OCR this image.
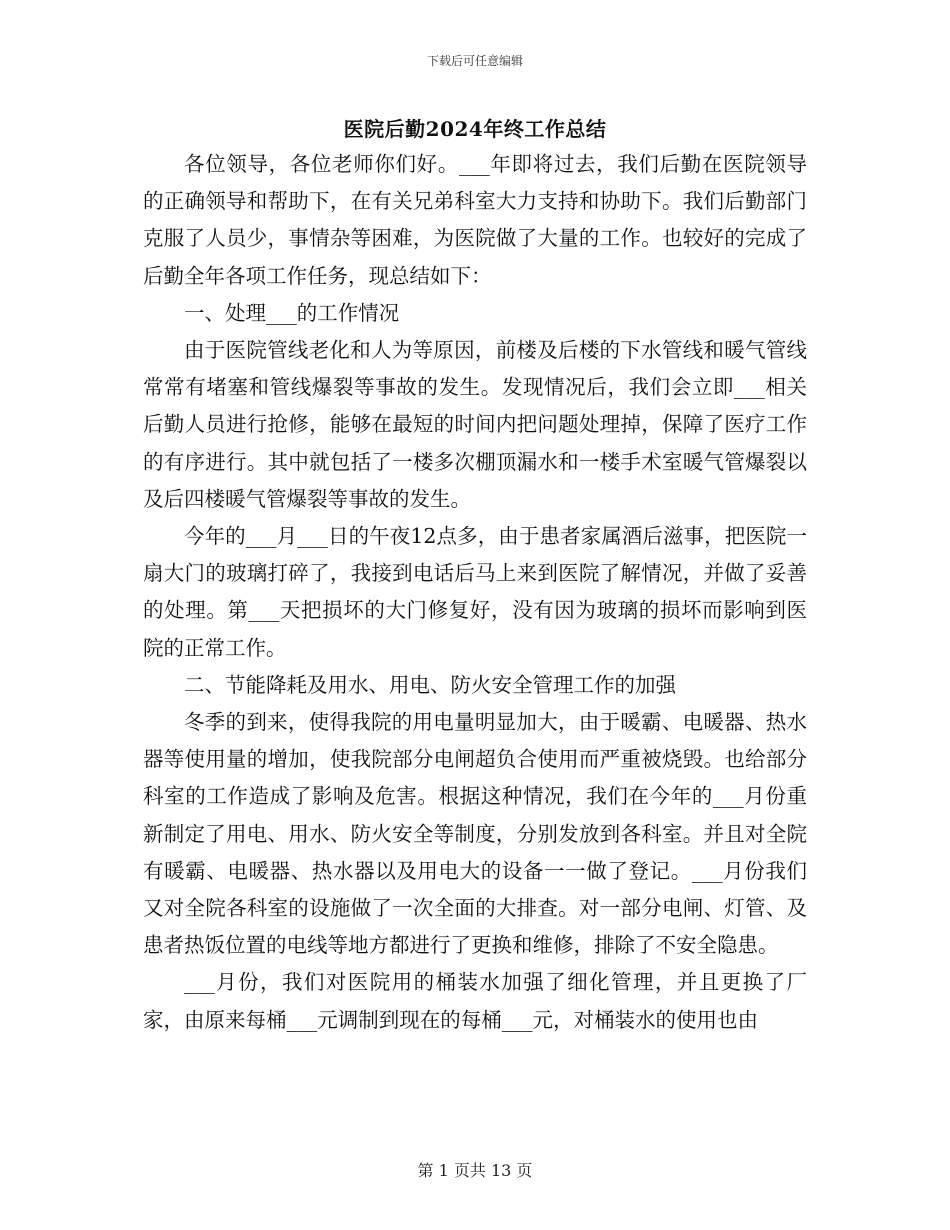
下载后可任意编辑
医院后勤2024年终工作总结

各位领导，各位老师你们好。___年即将过去，我们后勤在医院领导的正确领导和帮助下，在有关兄弟科室大力支持和协助下。我们后勤部门克服了人员少，事情杂等困难，为医院做了大量的工作。也较好的完成了后勤全年各项工作任务，现总结如下：

一、处理___的工作情况

由于医院管线老化和人为等原因，前楼及后楼的下水管线和暖气管线常常有堵塞和管线爆裂等事故的发生。发现情况后，我们会立即___相关后勤人员进行抢修，能够在最短的时间内把问题处理掉，保障了医疗工作的有序进行。其中就包括了一楼多次棚顶漏水和一楼手术室暖气管爆裂以及后四楼暖气管爆裂等事故的发生。

今年的___月___日的午夜12点多，由于患者家属酒后滋事，把医院一扇大门的玻璃打碎了，我接到电话后马上来到医院了解情况，并做了妥善的处理。第___天把损坏的大门修复好，没有因为玻璃的损坏而影响到医院的正常工作。

二、节能降耗及用水、用电、防火安全管理工作的加强

冬季的到来，使得我院的用电量明显加大，由于暖霸、电暖器、热水器等使用量的增加，使我院部分电闸超负合使用而严重被烧毁。也给部分科室的工作造成了影响及危害。根据这种情况，我们在今年的___月份重新制定了用电、用水、防火安全等制度，分别发放到各科室。并且对全院有暖霸、电暖器、热水器以及用电大的设备一一做了登记。___月份我们又对全院各科室的设施做了一次全面的大排查。对一部分电闸、灯管、及患者热饭位置的电线等地方都进行了更换和维修，排除了不安全隐患。

___月份，我们对医院用的桶装水加强了细化管理，并且更换了厂家，由原来每桶___元调制到现在的每桶___元，对桶装水的使用也由

第 1 页共 13 页
